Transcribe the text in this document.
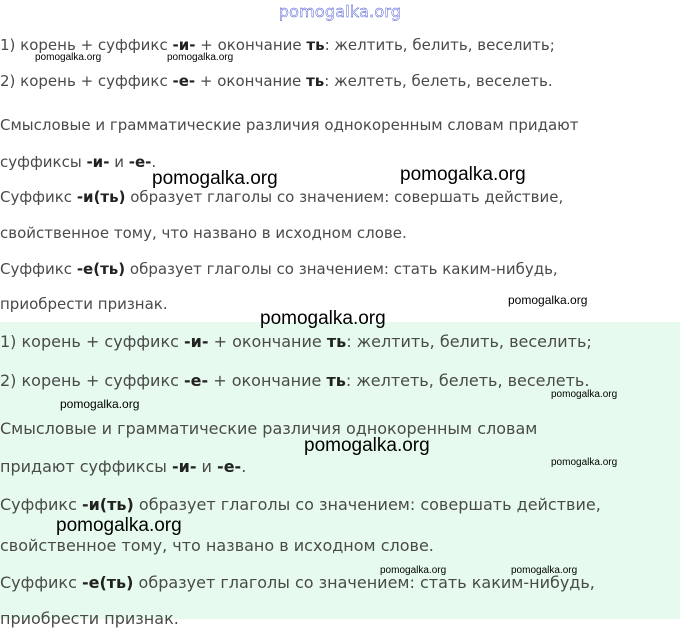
pomogalka.org
1) корень + суффикс -и- + окончание ть: желтить, белить, веселить;
2) корень + суффикс -е- + окончание ть: желтеть, белеть, веселеть.
Смысловые и грамматические различия однокоренным словам придают
суффиксы -и- и -е-.
Суффикс -и(ть) образует глаголы со значением: совершать действие,
свойственное тому, что названо в исходном слове.
Суффикс -е(ть) образует глаголы со значением: стать каким-нибудь,
приобрести признак.
1) корень + суффикс -и- + окончание ть: желтить, белить, веселить;
2) корень + суффикс -е- + окончание ть: желтеть, белеть, веселеть.
Смысловые и грамматические различия однокоренным словам
придают суффиксы -и- и -е-.
Суффикс -и(ть) образует глаголы со значением: совершать действие,
свойственное тому, что названо в исходном слове.
Суффикс -е(ть) образует глаголы со значением: стать каким-нибудь,
приобрести признак.
pomogalka.org	pomogalka.org
pomogalka.org	pomogalka.org
pomogalka.org
pomogalka.org
pomogalka.org
pomogalka.org
pomogalka.org
pomogalka.org
pomogalka.org
pomogalka.org	pomogalka.org
